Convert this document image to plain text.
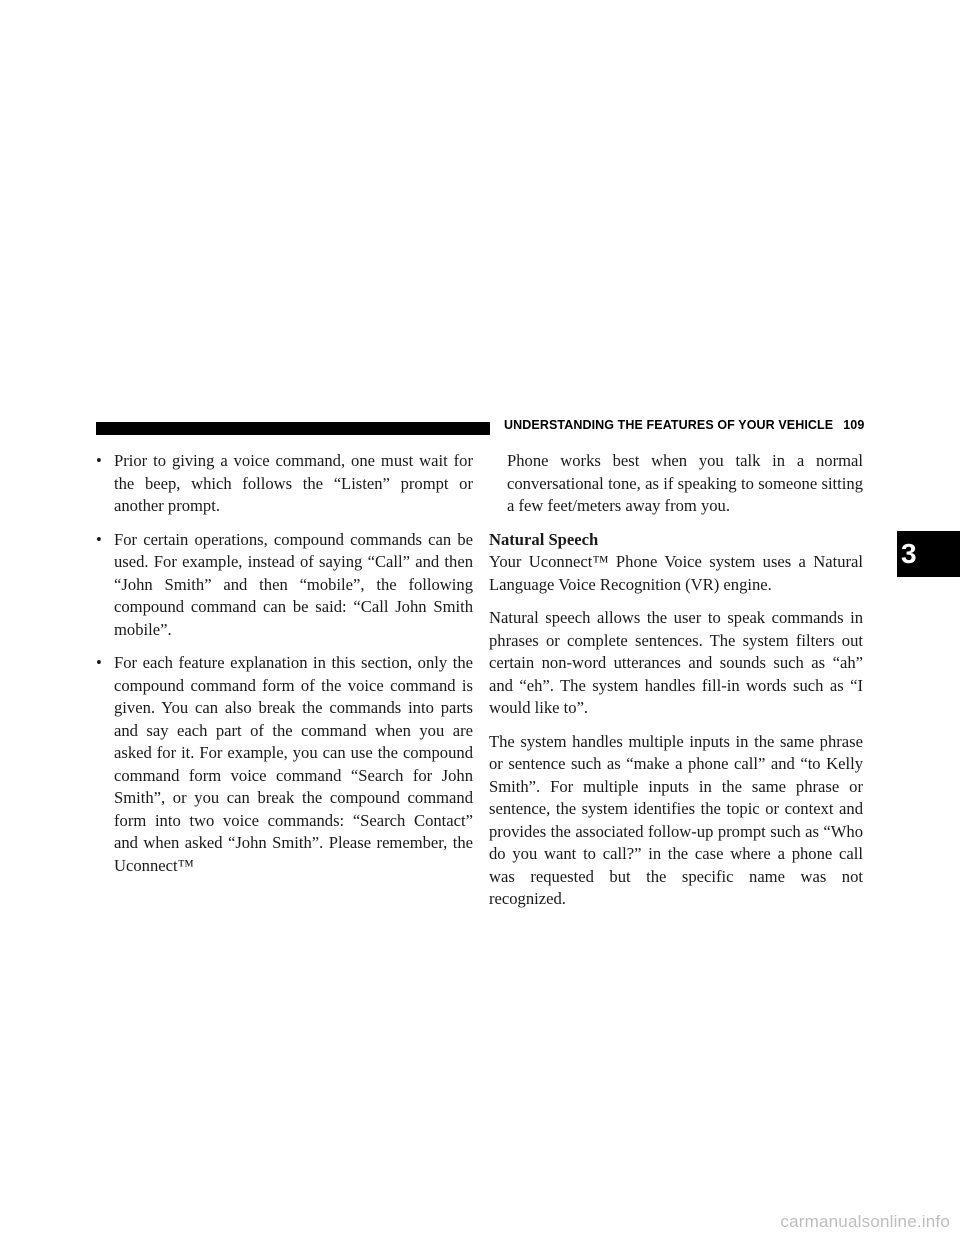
UNDERSTANDING THE FEATURES OF YOUR VEHICLE 109
• Prior to giving a voice command, one must wait for the beep, which follows the “Listen” prompt or another prompt.
• For certain operations, compound commands can be used. For example, instead of saying “Call” and then “John Smith” and then “mobile”, the following compound command can be said: “Call John Smith mobile”.
• For each feature explanation in this section, only the compound command form of the voice command is given. You can also break the commands into parts and say each part of the command when you are asked for it. For example, you can use the compound command form voice command “Search for John Smith”, or you can break the compound command form into two voice commands: “Search Contact” and when asked “John Smith”. Please remember, the Uconnect™

Phone works best when you talk in a normal conversational tone, as if speaking to someone sitting a few feet/meters away from you.

Natural Speech

Your Uconnect™ Phone Voice system uses a Natural Language Voice Recognition (VR) engine.

Natural speech allows the user to speak commands in phrases or complete sentences. The system filters out certain non-word utterances and sounds such as “ah” and “eh”. The system handles fill-in words such as “I would like to”.

The system handles multiple inputs in the same phrase or sentence such as “make a phone call” and “to Kelly Smith”. For multiple inputs in the same phrase or sentence, the system identifies the topic or context and provides the associated follow-up prompt such as “Who do you want to call?” in the case where a phone call was requested but the specific name was not recognized.

3
carmanualsonline.info
